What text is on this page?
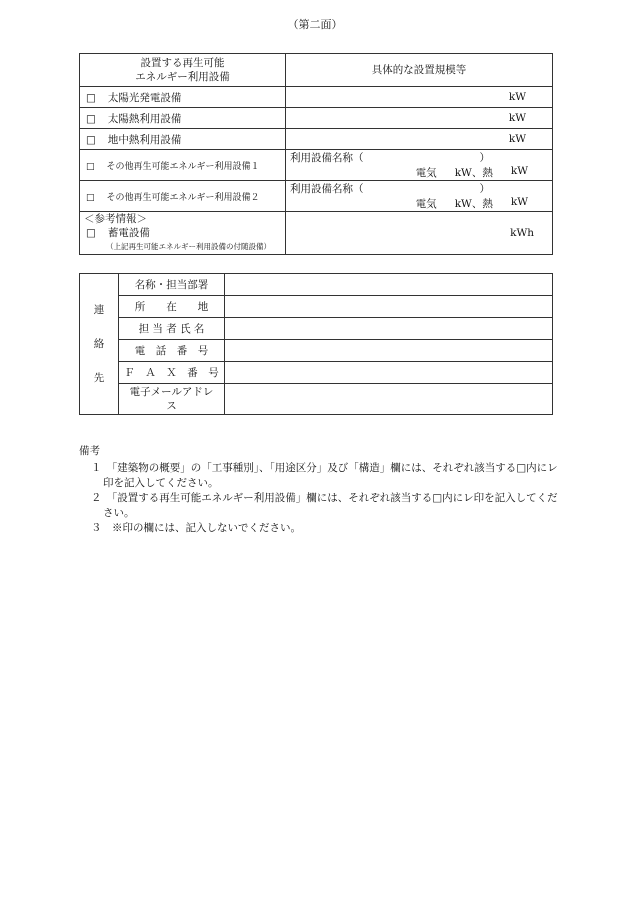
（第二面）
設置する再生可能
エネルギー利用設備	具体的な設置規模等
□ 太陽光発電設備	kW

□ 太陽熱利用設備	kW

□ 地中熱利用設備	kW

□ その他再生可能エネルギー利用設備１	利用設備名称（ ）
電気 kW、熱 kW

□ その他再生可能エネルギー利用設備２	利用設備名称（ ）
電気 kW、熱 kW

＜参考情報＞
□ 蓄電設備
（上記再生可能エネルギー利用設備の付随設備）	kWh
連

絡

先	名称・担当部署	
	所　　在　　地	
	担 当 者 氏 名	
	電　話　番　号	
	Ｆ　Ａ　Ｘ　番　号	

	電子メールアドレ
ス	

備考
１　「建築物の概要」の「工事種別」、「用途区分」及び「構造」欄には、それぞれ該当する□内にレ印を記入してください。
２　「設置する再生可能エネルギー利用設備」欄には、それぞれ該当する□内にレ印を記入してください。
３　※印の欄には、記入しないでください。
